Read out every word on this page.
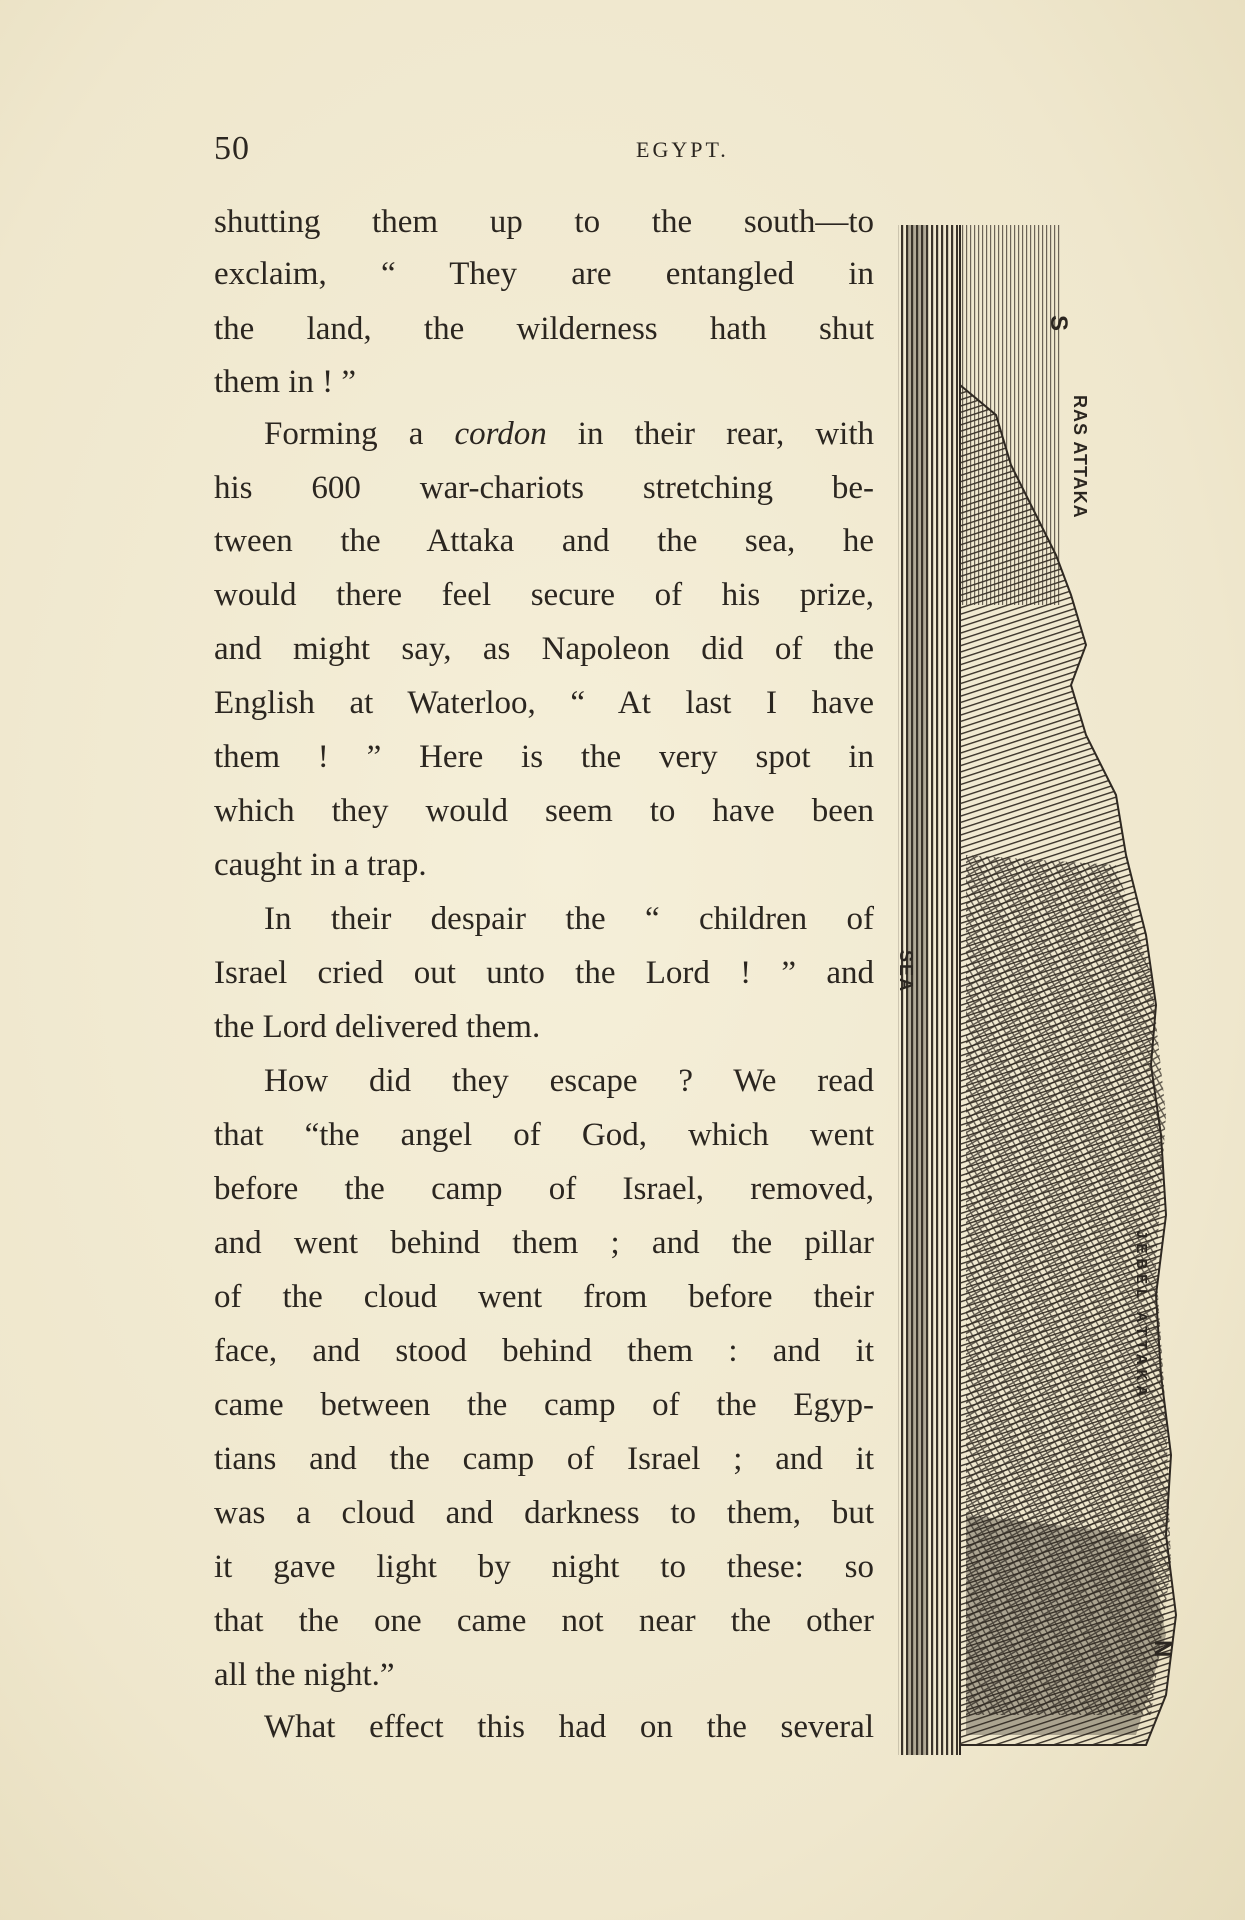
50	EGYPT.
shutting them up to the south—to
exclaim, “ They are entangled in
the land, the wilderness hath shut
them in ! ”
Forming a cordon in their rear, with
his 600 war-chariots stretching be-
tween the Attaka and the sea, he
would there feel secure of his prize,
and might say, as Napoleon did of the
English at Waterloo, “ At last I have
them ! ” Here is the very spot in
which they would seem to have been
caught in a trap.
In their despair the “ children of
Israel cried out unto the Lord ! ” and
the Lord delivered them.
How did they escape ? We read
that “the angel of God, which went
before the camp of Israel, removed,
and went behind them ; and the pillar
of the cloud went from before their
face, and stood behind them : and it
came between the camp of the Egyp-
tians and the camp of Israel ; and it
was a cloud and darkness to them, but
it gave light by night to these: so
that the one came not near the other
all the night.”
What effect this had on the several
S
RAS ATTAKA
SEA
JEBEL ATTAKA
N
